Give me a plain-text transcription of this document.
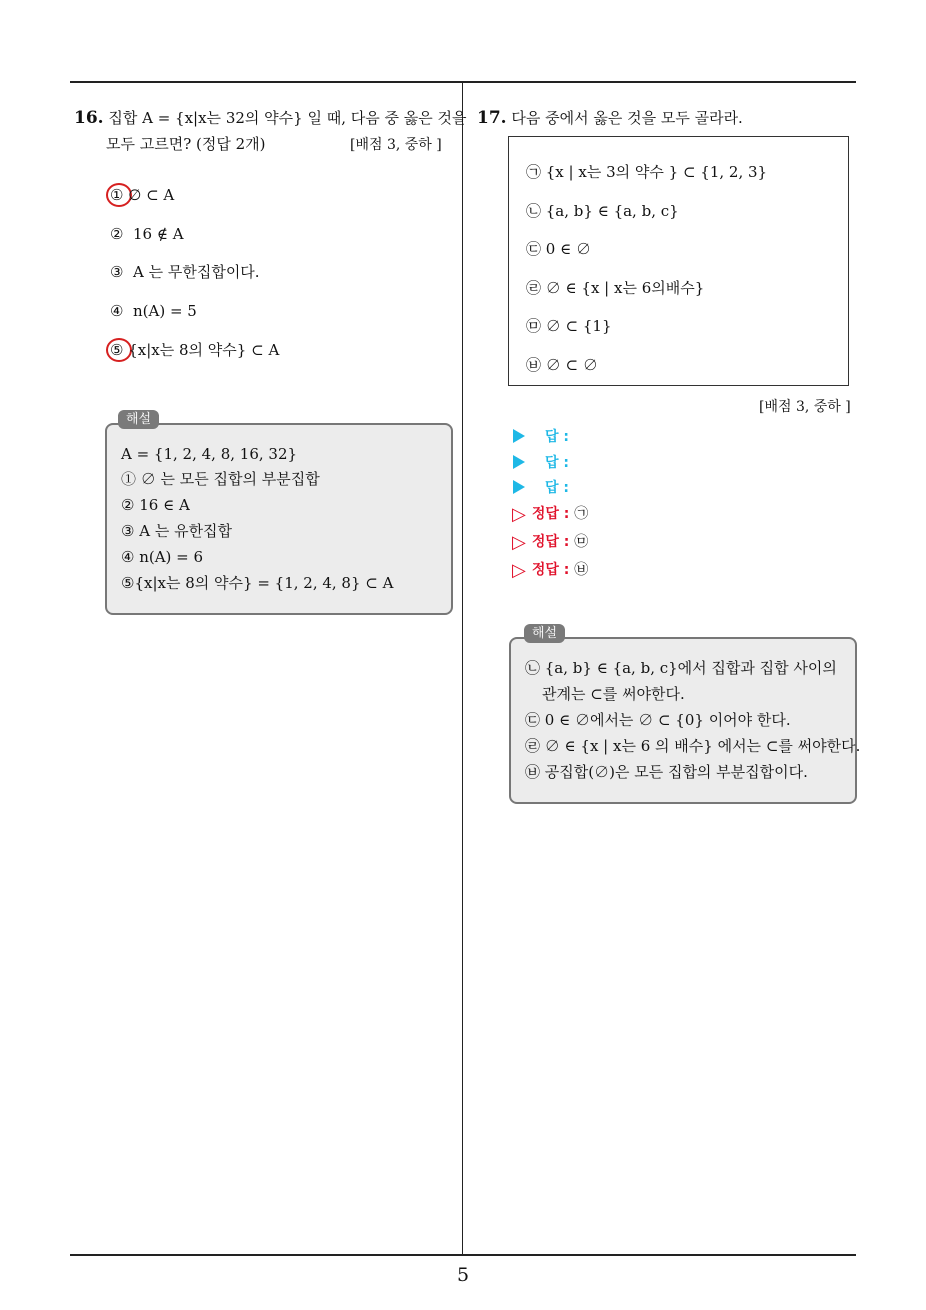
16. 집합 A = {x|x는 32의 약수} 일 때, 다음 중 옳은 것을
모두 고르면? (정답 2개)	[배점 3, 중하 ]
① ∅ ⊂ A
② 16 ∉ A
③ A 는 무한집합이다.
④ n(A) = 5
⑤ {x|x는 8의 약수} ⊂ A
A = {1, 2, 4, 8, 16, 32}
① ∅ 는 모든 집합의 부분집합
② 16 ∈ A
③ A 는 유한집합
④ n(A) = 6
⑤{x|x는 8의 약수} = {1, 2, 4, 8} ⊂ A
해설
17. 다음 중에서 옳은 것을 모두 골라라.
㉠ {x | x는 3의 약수 } ⊂ {1, 2, 3}
㉡ {a, b} ∈ {a, b, c}
㉢ 0 ∈ ∅
㉣ ∅ ∈ {x | x는 6의배수}
㉤ ∅ ⊂ {1}
㉥ ∅ ⊂ ∅
[배점 3, 중하 ]
답 :
답 :
답 :
▷ 정답 : ㉠
▷ 정답 : ㉤
▷ 정답 : ㉥
㉡ {a, b} ∈ {a, b, c}에서 집합과 집합 사이의
관계는 ⊂를 써야한다.
㉢ 0 ∈ ∅에서는 ∅ ⊂ {0} 이어야 한다.
㉣ ∅ ∈ {x | x는 6 의 배수} 에서는 ⊂를 써야한다.
㉥ 공집합(∅)은 모든 집합의 부분집합이다.
해설
5
